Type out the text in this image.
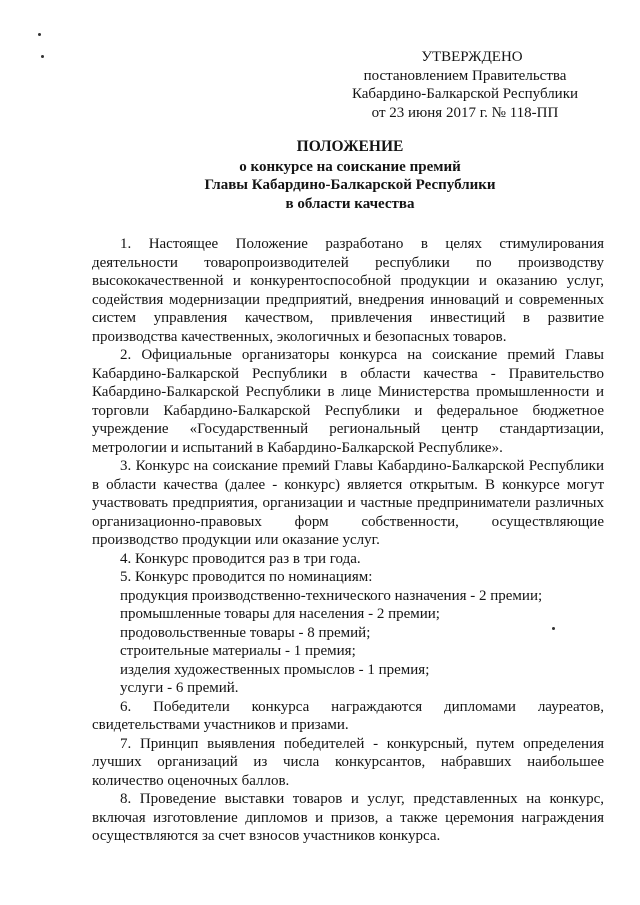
УТВЕРЖДЕНО
постановлением Правительства
Кабардино-Балкарской Республики
от 23 июня 2017 г. № 118-ПП
ПОЛОЖЕНИЕ
о конкурсе на соискание премий
Главы Кабардино-Балкарской Республики
в области качества

1. Настоящее Положение разработано в целях стимулирования деятельности товаропроизводителей республики по производству высококачественной и конкурентоспособной продукции и оказанию услуг, содействия модернизации предприятий, внедрения инноваций и современных систем управления качеством, привлечения инвестиций в развитие производства качественных, экологичных и безопасных товаров.

2. Официальные организаторы конкурса на соискание премий Главы Кабардино-Балкарской Республики в области качества - Правительство Кабардино-Балкарской Республики в лице Министерства промышленности и торговли Кабардино-Балкарской Республики и федеральное бюджетное учреждение «Государственный региональный центр стандартизации, метрологии и испытаний в Кабардино-Балкарской Республике».

3. Конкурс на соискание премий Главы Кабардино-Балкарской Республики в области качества (далее - конкурс) является открытым. В конкурсе могут участвовать предприятия, организации и частные предприниматели различных организационно-правовых форм собственности, осуществляющие производство продукции или оказание услуг.

4. Конкурс проводится раз в три года.

5. Конкурс проводится по номинациям:

продукция производственно-технического назначения - 2 премии;

промышленные товары для населения - 2 премии;

продовольственные товары - 8 премий;

строительные материалы - 1 премия;

изделия художественных промыслов - 1 премия;

услуги - 6 премий.

6. Победители конкурса награждаются дипломами лауреатов, свидетельствами участников и призами.

7. Принцип выявления победителей - конкурсный, путем определения лучших организаций из числа конкурсантов, набравших наибольшее количество оценочных баллов.

8. Проведение выставки товаров и услуг, представленных на конкурс, включая изготовление дипломов и призов, а также церемония награждения осуществляются за счет взносов участников конкурса.
